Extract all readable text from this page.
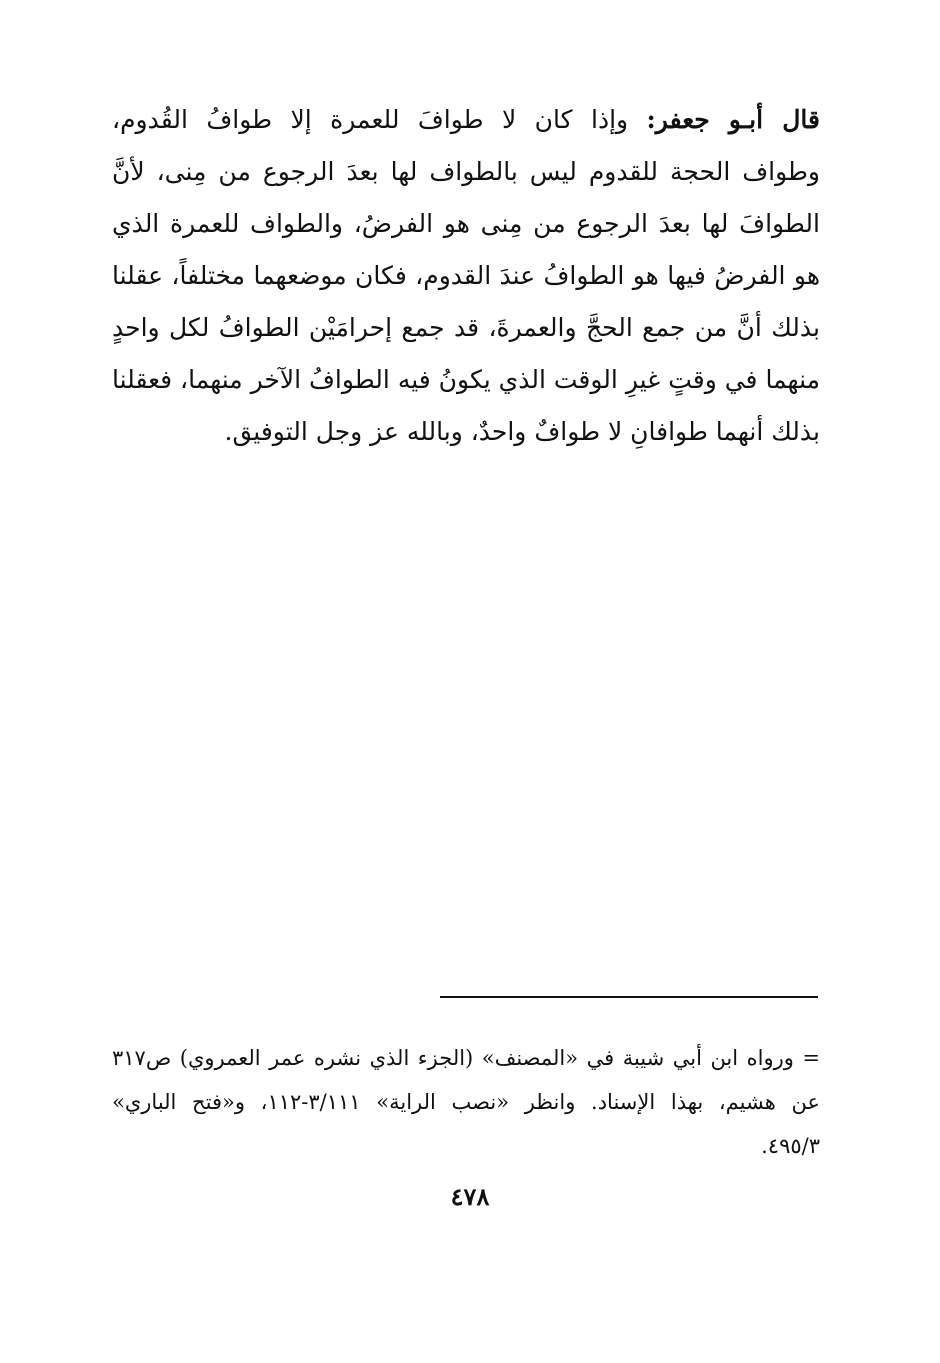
قال أبـو جعفر: وإذا كان لا طوافَ للعمرة إلا طوافُ القُدوم،
وطواف الحجة للقدوم ليس بالطواف لها بعدَ الرجوع من مِنى، لأنَّ
الطوافَ لها بعدَ الرجوع من مِنى هو الفرضُ، والطواف للعمرة الذي
هو الفرضُ فيها هو الطوافُ عندَ القدوم، فكان موضعهما مختلفاً، عقلنا
بذلك أنَّ من جمع الحجَّ والعمرةَ، قد جمع إحرامَيْن الطوافُ لكل واحدٍ
منهما في وقتٍ غيرِ الوقت الذي يكونُ فيه الطوافُ الآخر منهما، فعقلنا
بذلك أنهما طوافانِ لا طوافٌ واحدٌ، وبالله عز وجل التوفيق.
= ورواه ابن أبي شيبة في «المصنف» (الجزء الذي نشره عمر العمروي) ص٣١٧
عن هشيم، بهذا الإسناد. وانظر «نصب الراية» ٣/١١١-١١٢، و«فتح الباري»
٤٩٥/٣.
٤٧٨
